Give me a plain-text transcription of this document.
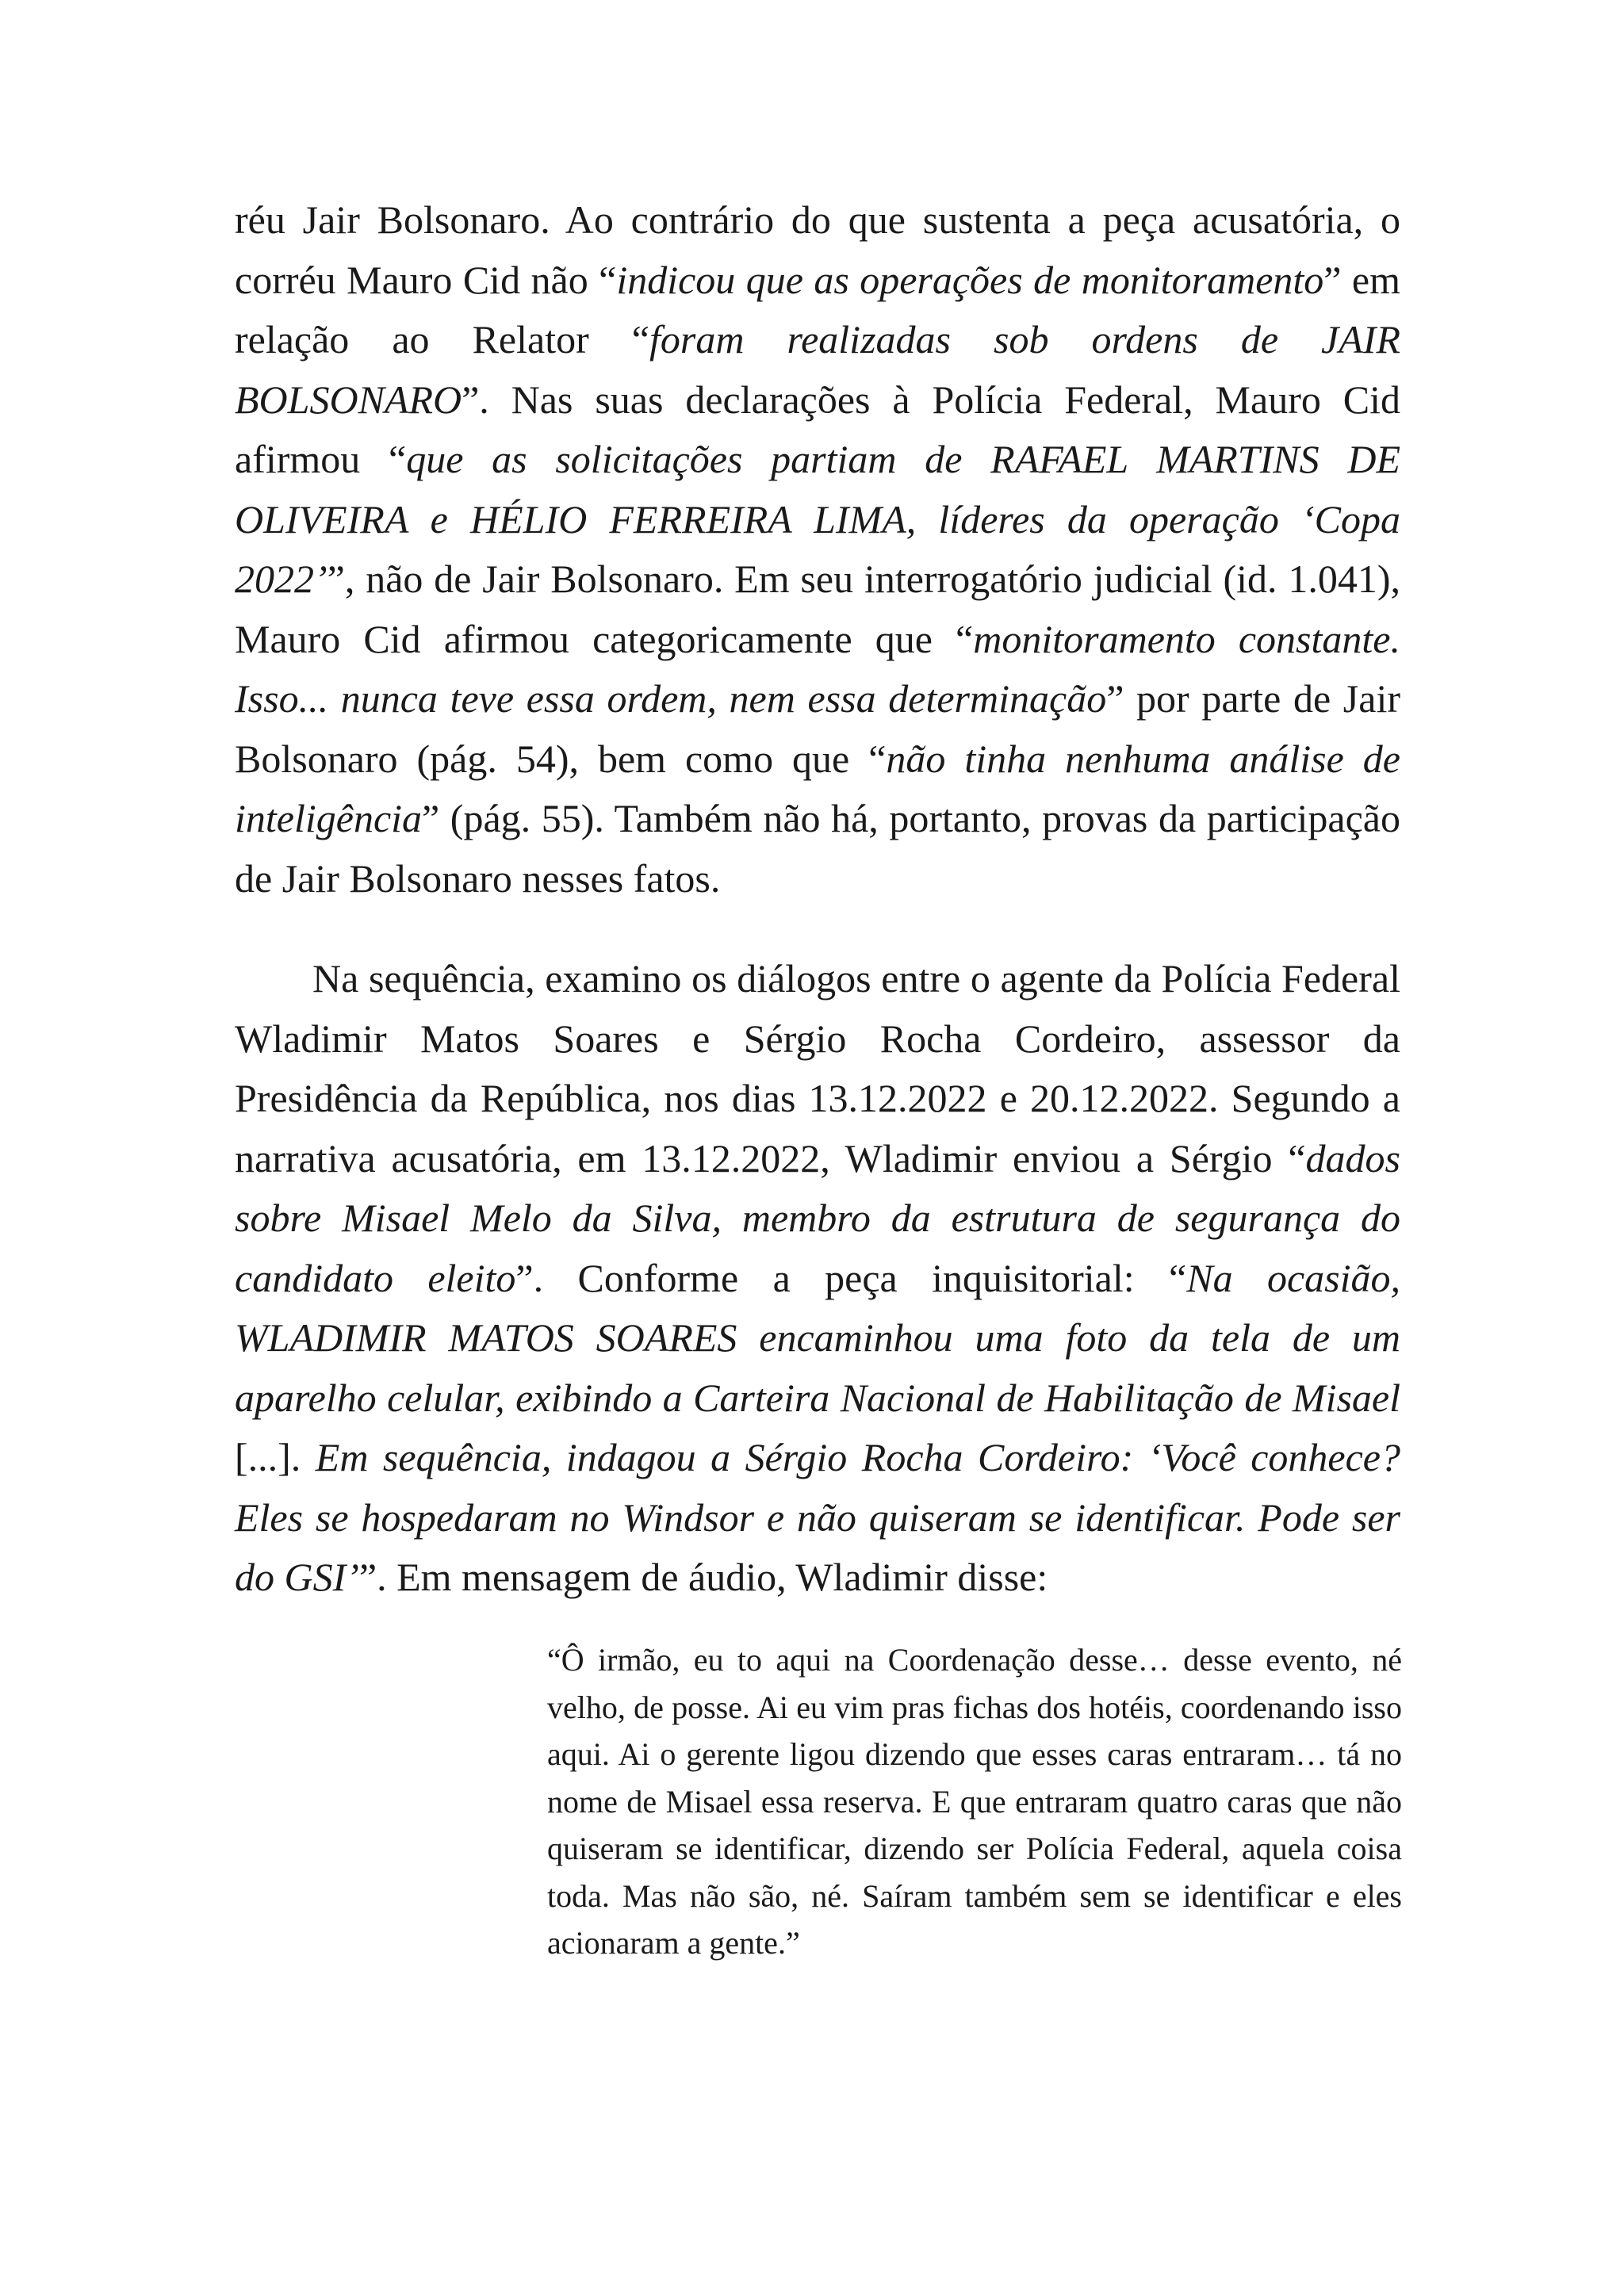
réu Jair Bolsonaro. Ao contrário do que sustenta a peça acusatória, o corréu Mauro Cid não “indicou que as operações de monitoramento” em relação ao Relator “foram realizadas sob ordens de JAIR BOLSONARO”. Nas suas declarações à Polícia Federal, Mauro Cid afirmou “que as solicitações partiam de RAFAEL MARTINS DE OLIVEIRA e HÉLIO FERREIRA LIMA, líderes da operação ‘Copa 2022’”, não de Jair Bolsonaro. Em seu interrogatório judicial (id. 1.041), Mauro Cid afirmou categoricamente que “monitoramento constante. Isso... nunca teve essa ordem, nem essa determinação” por parte de Jair Bolsonaro (pág. 54), bem como que “não tinha nenhuma análise de inteligência” (pág. 55). Também não há, portanto, provas da participação de Jair Bolsonaro nesses fatos.

Na sequência, examino os diálogos entre o agente da Polícia Federal Wladimir Matos Soares e Sérgio Rocha Cordeiro, assessor da Presidência da República, nos dias 13.12.2022 e 20.12.2022. Segundo a narrativa acusatória, em 13.12.2022, Wladimir enviou a Sérgio “dados sobre Misael Melo da Silva, membro da estrutura de segurança do candidato eleito”. Conforme a peça inquisitorial: “Na ocasião, WLADIMIR MATOS SOARES encaminhou uma foto da tela de um aparelho celular, exibindo a Carteira Nacional de Habilitação de Misael [...]. Em sequência, indagou a Sérgio Rocha Cordeiro: ‘Você conhece? Eles se hospedaram no Windsor e não quiseram se identificar. Pode ser do GSI’”. Em mensagem de áudio, Wladimir disse:

“Ô irmão, eu to aqui na Coordenação desse… desse evento, né velho, de posse. Ai eu vim pras fichas dos hotéis, coordenando isso aqui. Ai o gerente ligou dizendo que esses caras entraram… tá no nome de Misael essa reserva. E que entraram quatro caras que não quiseram se identificar, dizendo ser Polícia Federal, aquela coisa toda. Mas não são, né. Saíram também sem se identificar e eles acionaram a gente.”
